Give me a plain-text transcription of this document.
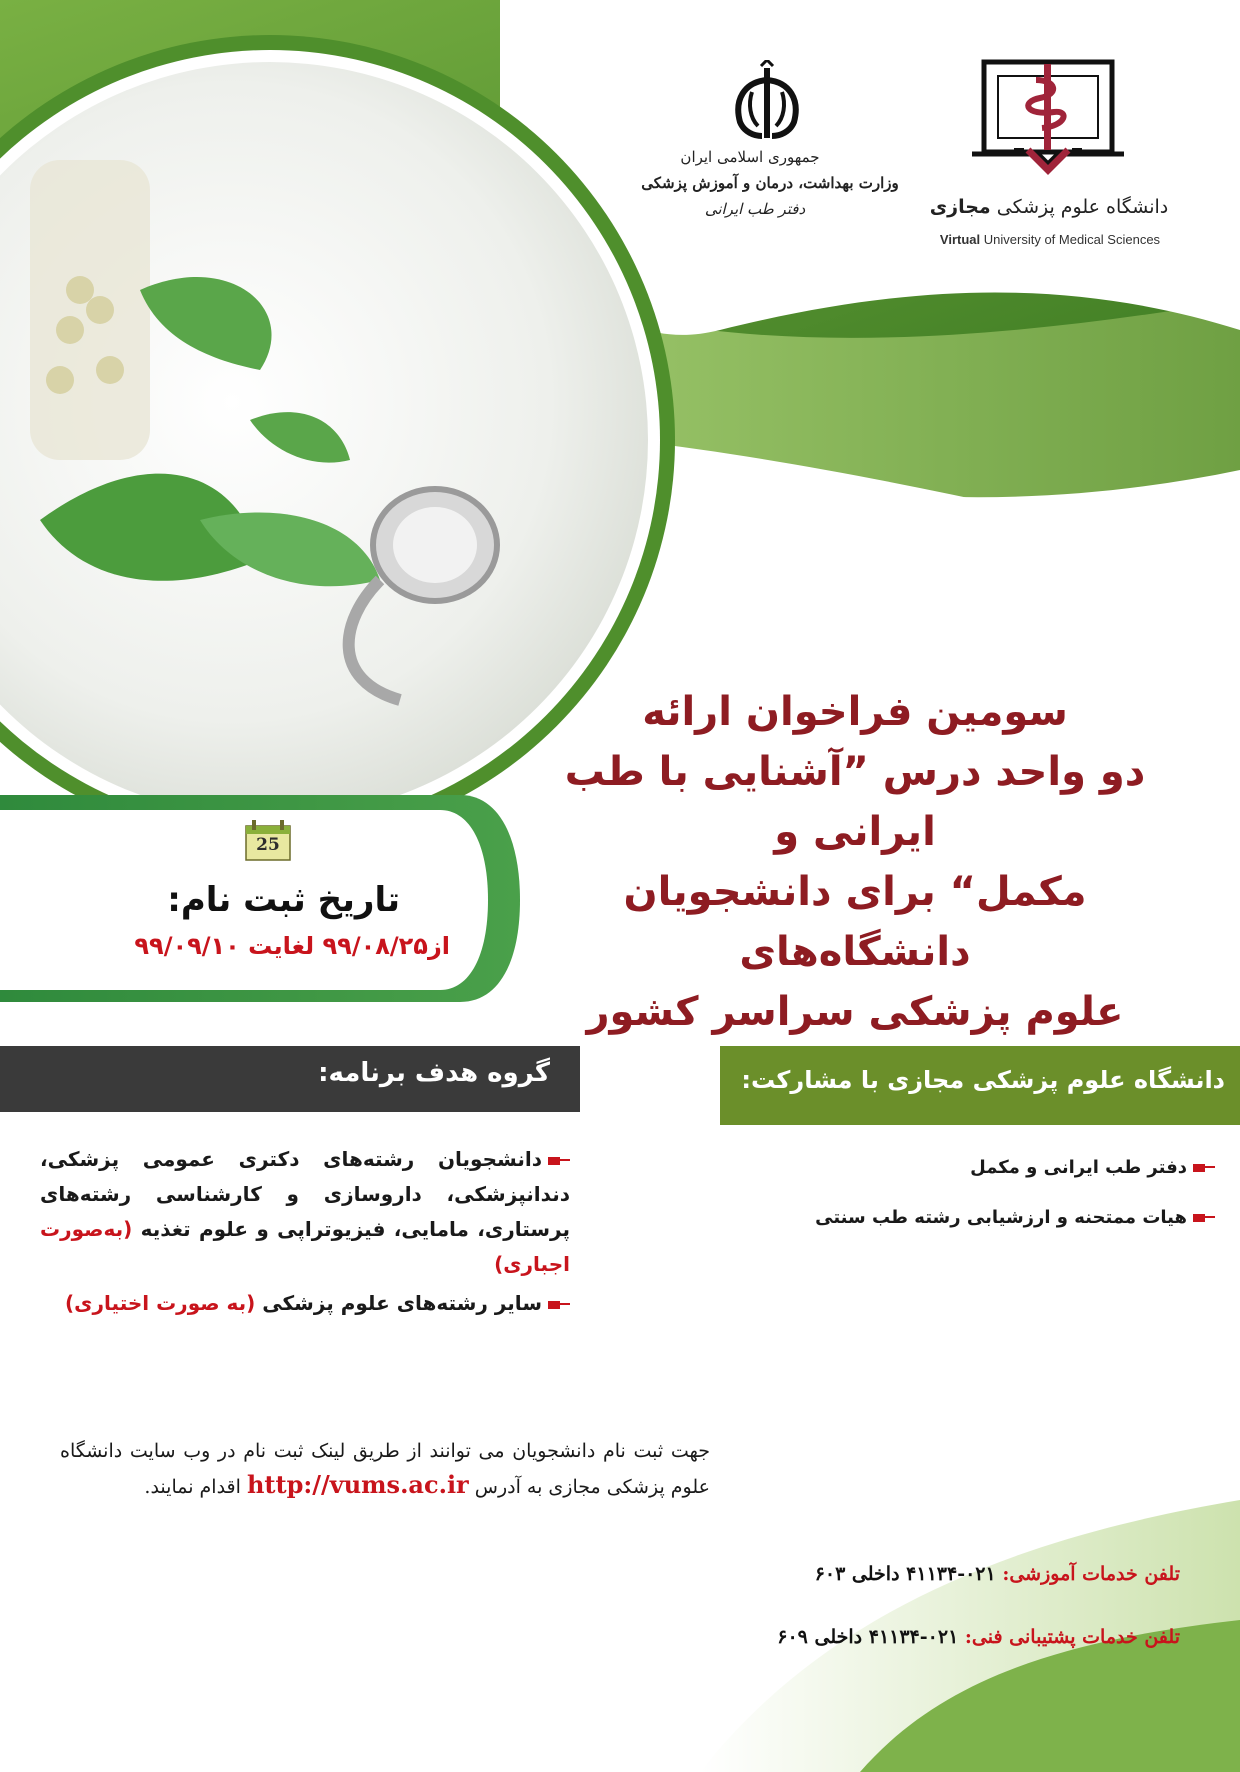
جمهوری اسلامی ایران
وزارت بهداشت، درمان و آموزش پزشکی
دفتر طب ایرانی	دانشگاه علوم پزشکی مجازی
Virtual University of Medical Sciences
سومین فراخوان ارائه
دو واحد درس ”آشنایی با طب ایرانی و
مکمل“ برای دانشجویان دانشگاه‌های
علوم پزشکی سراسر کشور
25
تاریخ ثبت نام:
از۹۹/۰۸/۲۵ لغایت ۹۹/۰۹/۱۰
گروه هدف برنامه:	دانشگاه علوم پزشکی مجازی با مشارکت:
دانشجویان رشته‌های دکتری عمومی پزشکی، دندانپزشکی، داروسازی و کارشناسی رشته‌های پرستاری، مامایی، فیزیوتراپی و علوم تغذیه (به‌صورت اجباری)
سایر رشته‌های علوم پزشکی (به صورت اختیاری)
دفتر طب ایرانی و مکمل
هیات ممتحنه و ارزشیابی رشته طب سنتی
جهت ثبت نام دانشجویان می توانند از طریق لینک ثبت نام در وب سایت دانشگاه علوم پزشکی مجازی به آدرس http://vums.ac.ir اقدام نمایند.
تلفن خدمات آموزشی: ۰۲۱-۴۱۱۳۴ داخلی ۶۰۳
تلفن خدمات پشتیبانی فنی: ۰۲۱-۴۱۱۳۴ داخلی ۶۰۹
